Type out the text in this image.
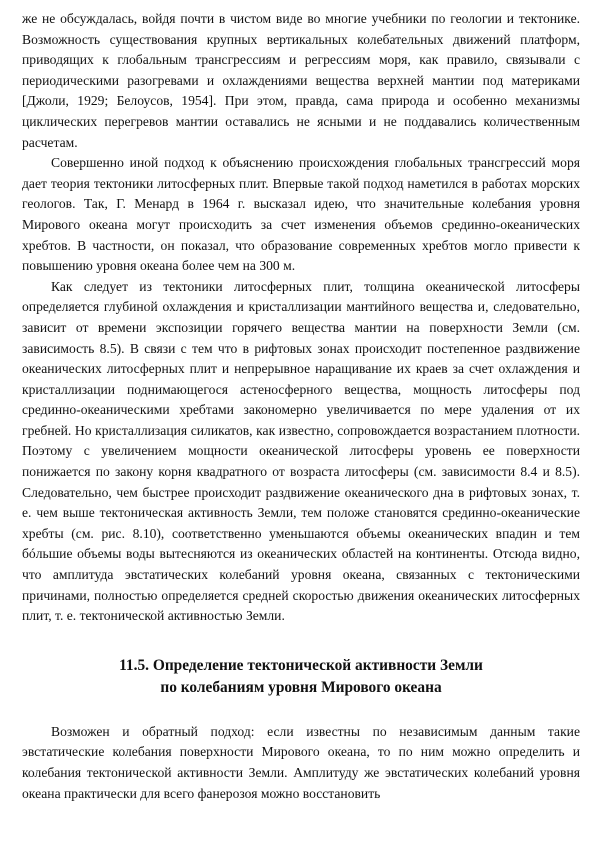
же не обсуждалась, войдя почти в чистом виде во многие учебники по геологии и тектонике. Возможность существования крупных вертикальных колебательных движений платформ, приводящих к глобальным трансгрессиям и регрессиям моря, как правило, связывали с периодическими разогревами и охлаждениями вещества верхней мантии под материками [Джоли, 1929; Белоусов, 1954]. При этом, правда, сама природа и особенно механизмы циклических перегревов мантии оставались не ясными и не поддавались количественным расчетам.

Совершенно иной подход к объяснению происхождения глобальных трансгрессий моря дает теория тектоники литосферных плит. Впервые такой подход наметился в работах морских геологов. Так, Г. Менард в 1964 г. высказал идею, что значительные колебания уровня Мирового океана могут происходить за счет изменения объемов срединно-океанических хребтов. В частности, он показал, что образование современных хребтов могло привести к повышению уровня океана более чем на 300 м.

Как следует из тектоники литосферных плит, толщина океанической литосферы определяется глубиной охлаждения и кристаллизации мантийного вещества и, следовательно, зависит от времени экспозиции горячего вещества мантии на поверхности Земли (см. зависимость 8.5). В связи с тем что в рифтовых зонах происходит постепенное раздвижение океанических литосферных плит и непрерывное наращивание их краев за счет охлаждения и кристаллизации поднимающегося астеносферного вещества, мощность литосферы под срединно-океаническими хребтами закономерно увеличивается по мере удаления от их гребней. Но кристаллизация силикатов, как известно, сопровождается возрастанием плотности. Поэтому с увеличением мощности океанической литосферы уровень ее поверхности понижается по закону корня квадратного от возраста литосферы (см. зависимости 8.4 и 8.5). Следовательно, чем быстрее происходит раздвижение океанического дна в рифтовых зонах, т. е. чем выше тектоническая активность Земли, тем положе становятся срединно-океанические хребты (см. рис. 8.10), соответственно уменьшаются объемы океанических впадин и тем бóльшие объемы воды вытесняются из океанических областей на континенты. Отсюда видно, что амплитуда эвстатических колебаний уровня океана, связанных с тектоническими причинами, полностью определяется средней скоростью движения океанических литосферных плит, т. е. тектонической активностью Земли.

11.5. Определение тектонической активности Земли
по колебаниям уровня Мирового океана

Возможен и обратный подход: если известны по независимым данным такие эвстатические колебания поверхности Мирового океана, то по ним можно определить и колебания тектонической активности Земли. Амплитуду же эвстатических колебаний уровня океана практически для всего фанерозоя можно восстановить
